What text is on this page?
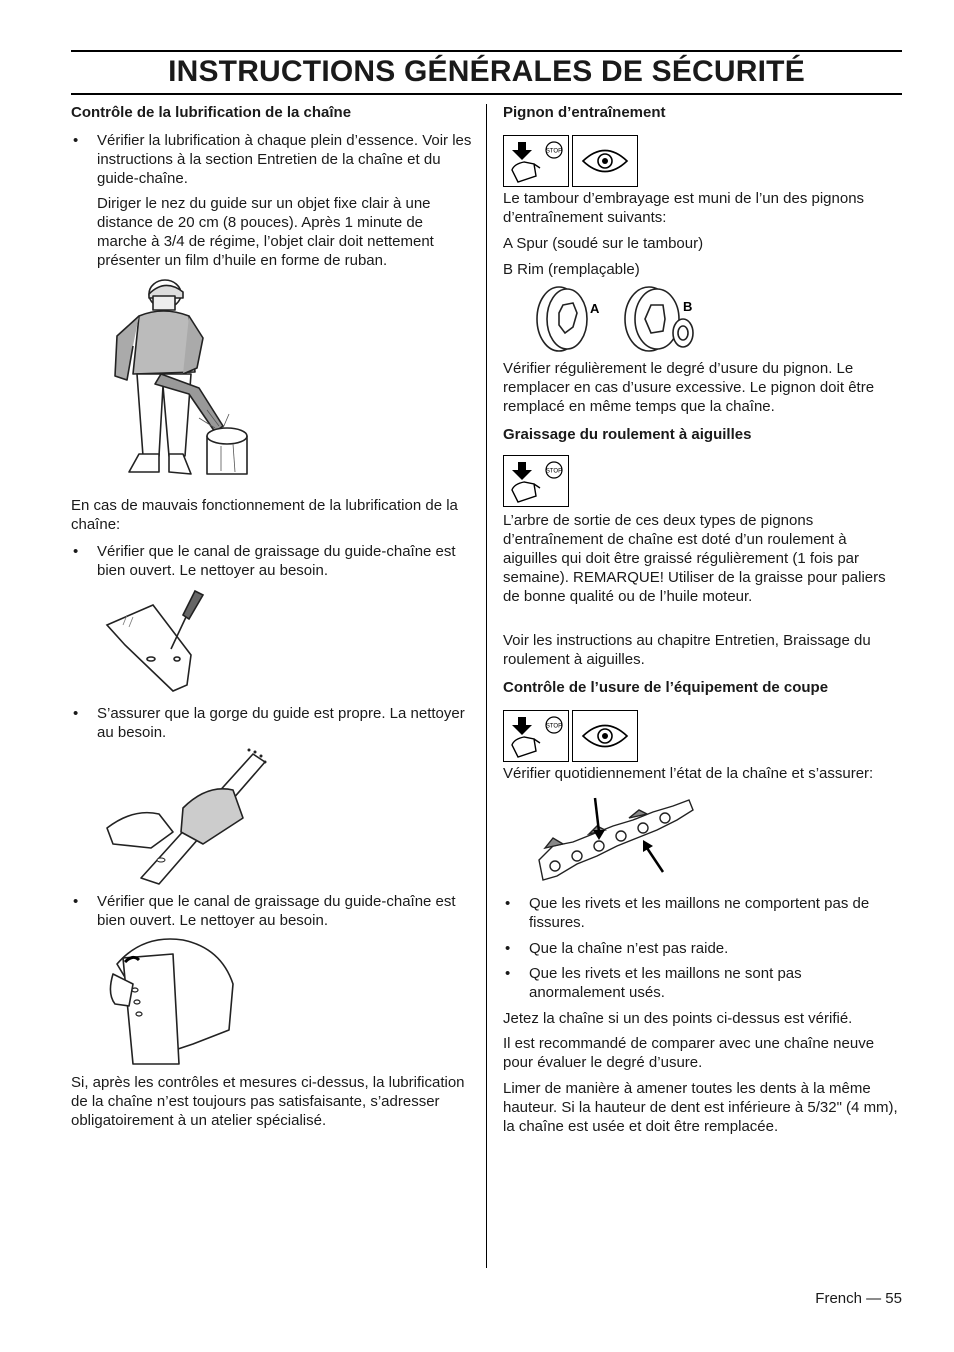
INSTRUCTIONS GÉNÉRALES DE SÉCURITÉ

Contrôle de la lubrification de la chaîne

• Vérifier la lubrification à chaque plein d’essence. Voir les instructions à la section Entretien de la chaîne et du guide-chaîne.

Diriger le nez du guide sur un objet fixe clair à une distance de 20 cm (8 pouces). Après 1 minute de marche à 3/4 de régime, l’objet clair doit nettement présenter un film d’huile en forme de ruban.

En cas de mauvais fonctionnement de la lubrification de la chaîne:

• Vérifier que le canal de graissage du guide-chaîne est bien ouvert. Le nettoyer au besoin.

• S’assurer que la gorge du guide est propre. La nettoyer au besoin.

• Vérifier que le canal de graissage du guide-chaîne est bien ouvert. Le nettoyer au besoin.

Si, après les contrôles et mesures ci-dessus, la lubrification de la chaîne n’est toujours pas satisfaisante, s’adresser obligatoirement à un atelier spécialisé.

Pignon d’entraînement

STOP

Le tambour d’embrayage est muni de l’un des pignons d’entraînement suivants:

A Spur (soudé sur le tambour)

B Rim (remplaçable)

A	B

Vérifier régulièrement le degré d’usure du pignon. Le remplacer en cas d’usure excessive. Le pignon doit être remplacé en même temps que la chaîne.

Graissage du roulement à aiguilles

STOP

L’arbre de sortie de ces deux types de pignons d’entraînement de chaîne est doté d’un roulement à aiguilles qui doit être graissé régulièrement (1 fois par semaine). REMARQUE! Utiliser de la graisse pour paliers de bonne qualité ou de l’huile moteur.

Voir les instructions au chapitre Entretien, Braissage du roulement à aiguilles.

Contrôle de l’usure de l’équipement de coupe

STOP

Vérifier quotidiennement l’état de la chaîne et s’assurer:

• Que les rivets et les maillons ne comportent pas de fissures.

• Que la chaîne n’est pas raide.

• Que les rivets et les maillons ne sont pas anormalement usés.

Jetez la chaîne si un des points ci-dessus est vérifié.

Il est recommandé de comparer avec une chaîne neuve pour évaluer le degré d’usure.

Limer de manière à amener toutes les dents à la même hauteur. Si la hauteur de dent est inférieure à 5/32" (4 mm), la chaîne est usée et doit être remplacée.

French — 55
